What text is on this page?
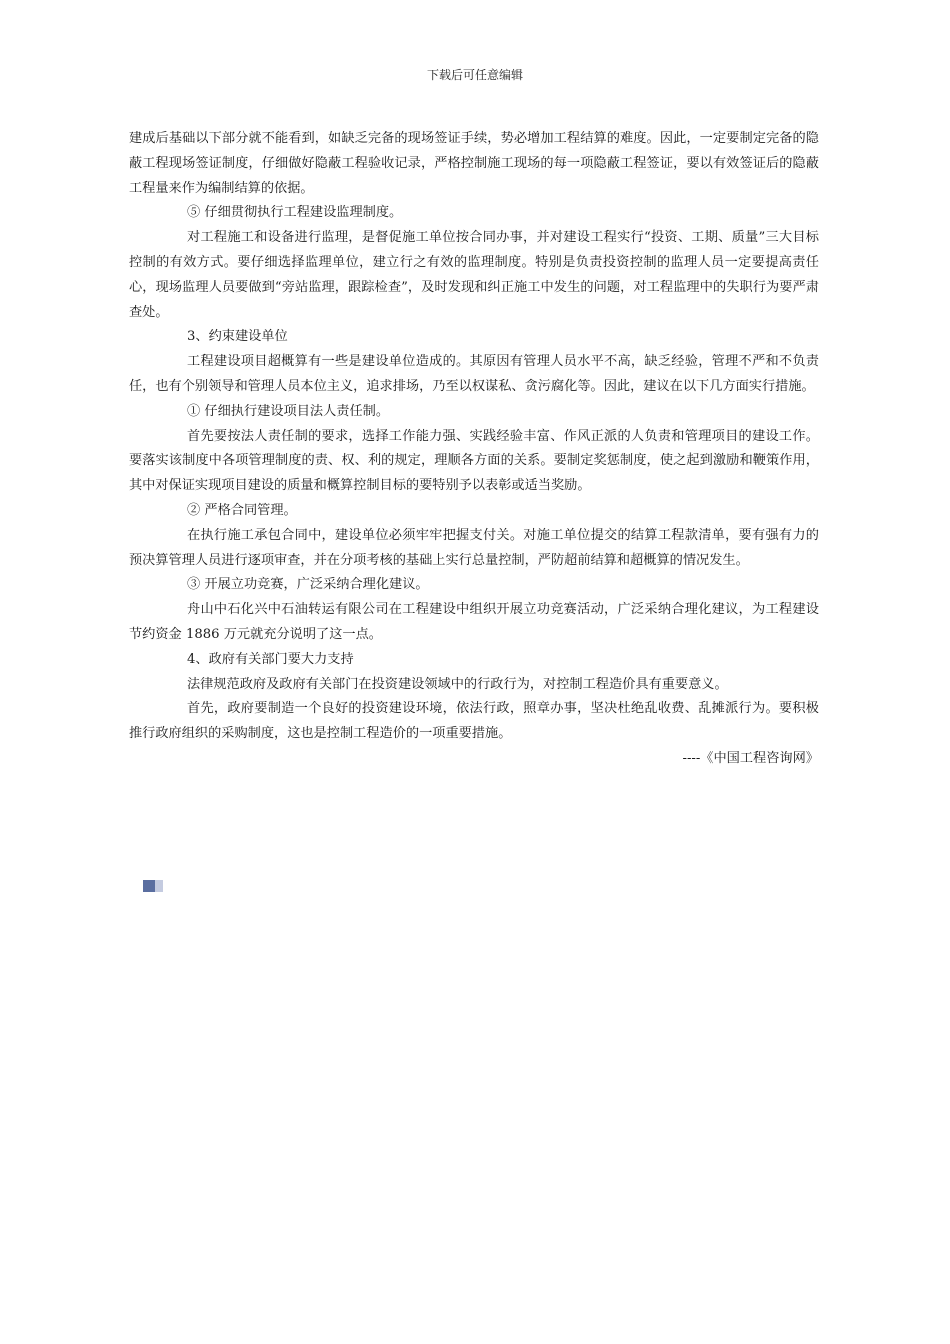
下载后可任意编辑

建成后基础以下部分就不能看到，如缺乏完备的现场签证手续，势必增加工程结算的难度。因此，一定要制定完备的隐蔽工程现场签证制度，仔细做好隐蔽工程验收记录，严格控制施工现场的每一项隐蔽工程签证，要以有效签证后的隐蔽工程量来作为编制结算的依据。

⑤ 仔细贯彻执行工程建设监理制度。

对工程施工和设备进行监理，是督促施工单位按合同办事，并对建设工程实行“投资、工期、质量”三大目标控制的有效方式。要仔细选择监理单位，建立行之有效的监理制度。特别是负责投资控制的监理人员一定要提高责任心，现场监理人员要做到“旁站监理，跟踪检查”，及时发现和纠正施工中发生的问题，对工程监理中的失职行为要严肃查处。

3、约束建设单位

工程建设项目超概算有一些是建设单位造成的。其原因有管理人员水平不高，缺乏经验，管理不严和不负责任，也有个别领导和管理人员本位主义，追求排场，乃至以权谋私、贪污腐化等。因此，建议在以下几方面实行措施。

① 仔细执行建设项目法人责任制。

首先要按法人责任制的要求，选择工作能力强、实践经验丰富、作风正派的人负责和管理项目的建设工作。要落实该制度中各项管理制度的责、权、利的规定，理顺各方面的关系。要制定奖惩制度，使之起到激励和鞭策作用，其中对保证实现项目建设的质量和概算控制目标的要特别予以表彰或适当奖励。

② 严格合同管理。

在执行施工承包合同中，建设单位必须牢牢把握支付关。对施工单位提交的结算工程款清单，要有强有力的预决算管理人员进行逐项审查，并在分项考核的基础上实行总量控制，严防超前结算和超概算的情况发生。

③ 开展立功竞赛，广泛采纳合理化建议。

舟山中石化兴中石油转运有限公司在工程建设中组织开展立功竞赛活动，广泛采纳合理化建议，为工程建设节约资金 1886 万元就充分说明了这一点。

4、政府有关部门要大力支持

法律规范政府及政府有关部门在投资建设领域中的行政行为，对控制工程造价具有重要意义。

首先，政府要制造一个良好的投资建设环境，依法行政，照章办事，坚决杜绝乱收费、乱摊派行为。要积极推行政府组织的采购制度，这也是控制工程造价的一项重要措施。

----《中国工程咨询网》
